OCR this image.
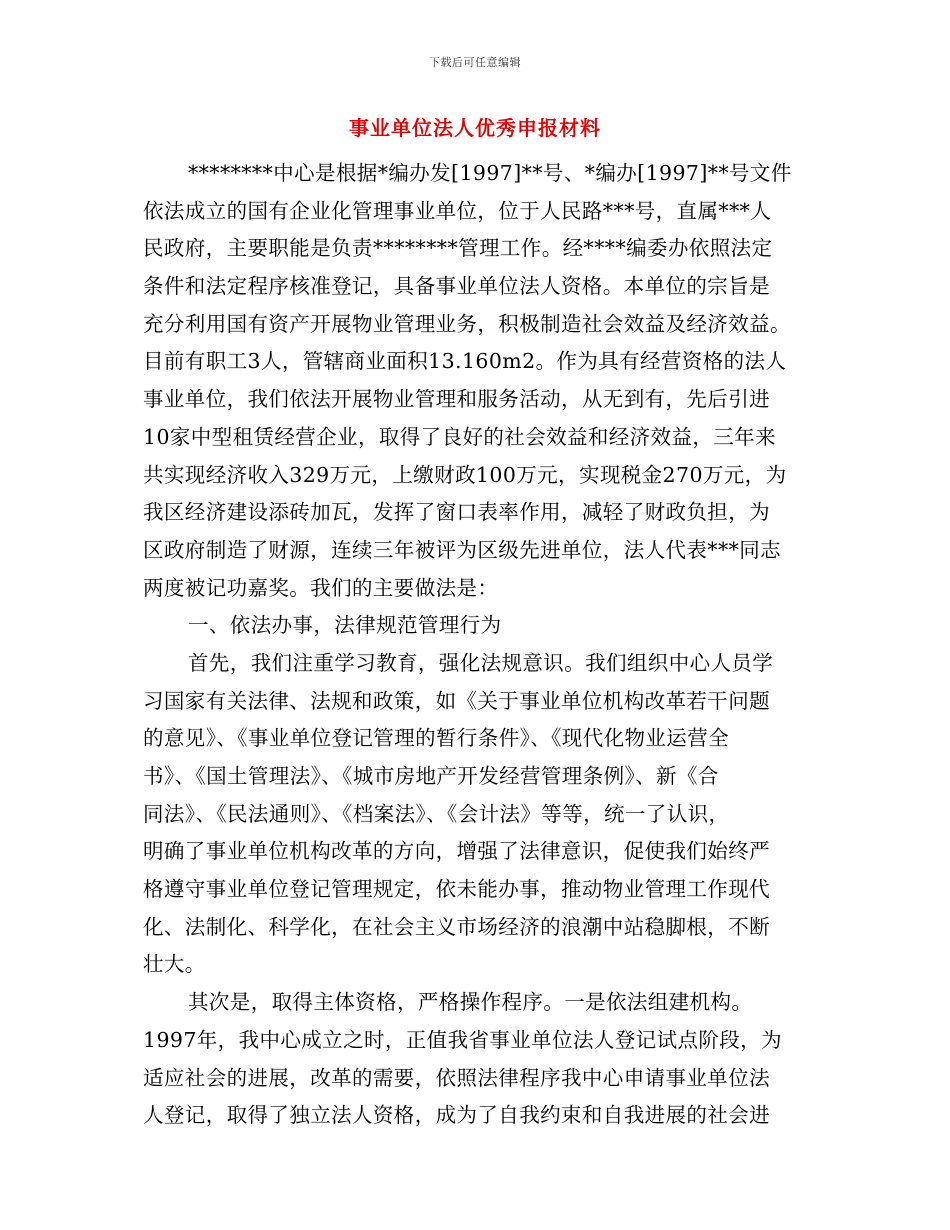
下载后可任意编辑
事业单位法人优秀申报材料
********中心是根据*编办发[1997]**号、*编办[1997]**号文件
依法成立的国有企业化管理事业单位，位于人民路***号，直属***人
民政府，主要职能是负责********管理工作。经****编委办依照法定
条件和法定程序核准登记，具备事业单位法人资格。本单位的宗旨是
充分利用国有资产开展物业管理业务，积极制造社会效益及经济效益。
目前有职工3人，管辖商业面积13.160m2。作为具有经营资格的法人
事业单位，我们依法开展物业管理和服务活动，从无到有，先后引进
10家中型租赁经营企业，取得了良好的社会效益和经济效益，三年来
共实现经济收入329万元，上缴财政100万元，实现税金270万元，为
我区经济建设添砖加瓦，发挥了窗口表率作用，减轻了财政负担，为
区政府制造了财源，连续三年被评为区级先进单位，法人代表***同志
两度被记功嘉奖。我们的主要做法是：
一、依法办事，法律规范管理行为
首先，我们注重学习教育，强化法规意识。我们组织中心人员学
习国家有关法律、法规和政策，如《关于事业单位机构改革若干问题
的意见》、《事业单位登记管理的暂行条件》、《现代化物业运营全
书》、《国土管理法》、《城市房地产开发经营管理条例》、新《合
同法》、《民法通则》、《档案法》、《会计法》等等，统一了认识，
明确了事业单位机构改革的方向，增强了法律意识，促使我们始终严
格遵守事业单位登记管理规定，依未能办事，推动物业管理工作现代
化、法制化、科学化，在社会主义市场经济的浪潮中站稳脚根，不断
壮大。
其次是，取得主体资格，严格操作程序。一是依法组建机构。
1997年，我中心成立之时，正值我省事业单位法人登记试点阶段，为
适应社会的进展，改革的需要，依照法律程序我中心申请事业单位法
人登记，取得了独立法人资格，成为了自我约束和自我进展的社会进
